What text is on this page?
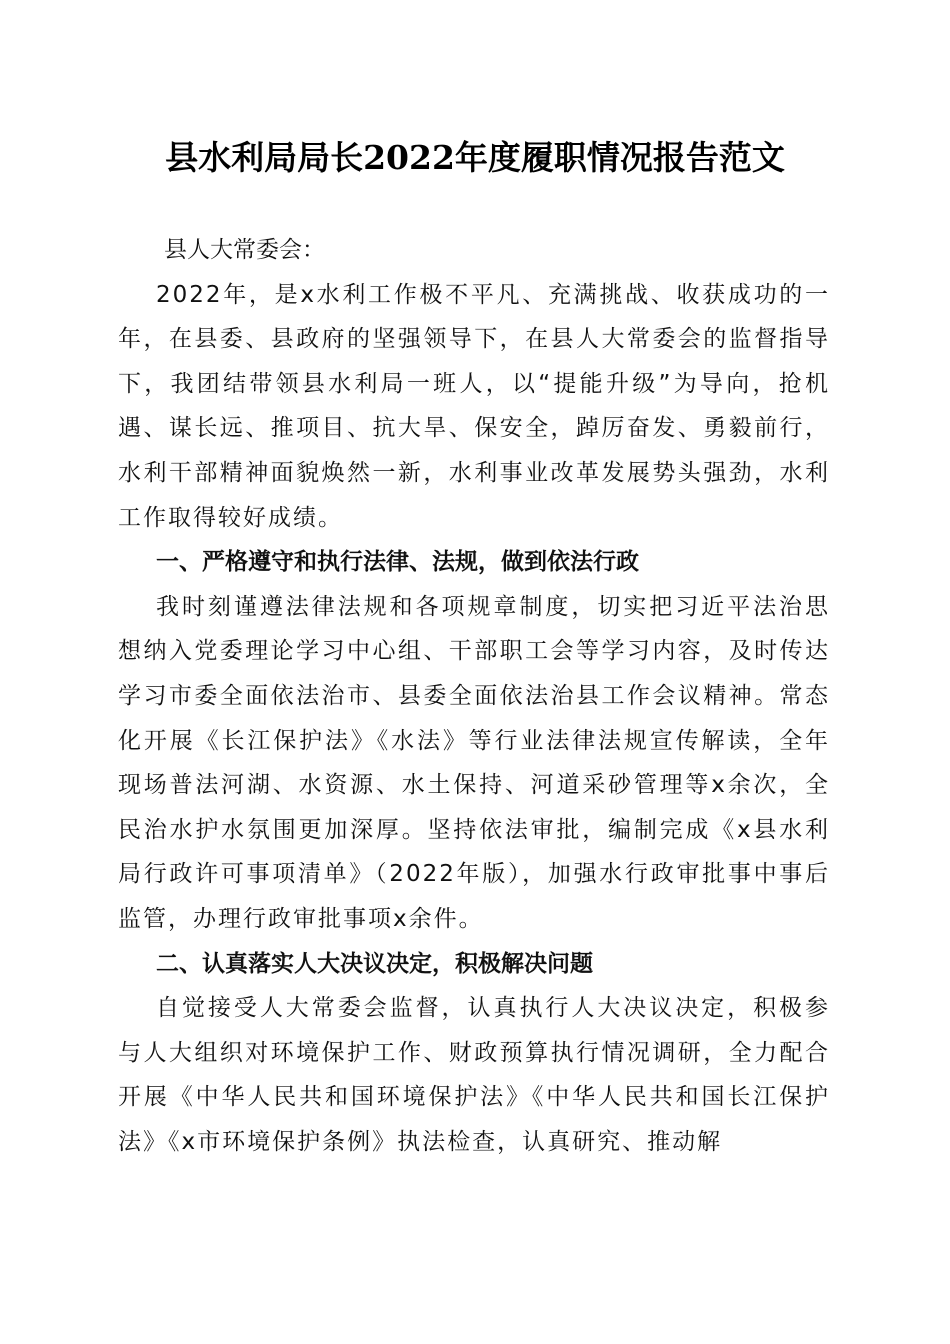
县水利局局长2022年度履职情况报告范文

县人大常委会：

2022年，是x水利工作极不平凡、充满挑战、收获成功的一年，在县委、县政府的坚强领导下，在县人大常委会的监督指导下，我团结带领县水利局一班人，以“提能升级”为导向，抢机遇、谋长远、推项目、抗大旱、保安全，踔厉奋发、勇毅前行，水利干部精神面貌焕然一新，水利事业改革发展势头强劲，水利工作取得较好成绩。

一、严格遵守和执行法律、法规，做到依法行政

我时刻谨遵法律法规和各项规章制度，切实把习近平法治思想纳入党委理论学习中心组、干部职工会等学习内容，及时传达学习市委全面依法治市、县委全面依法治县工作会议精神。常态化开展《长江保护法》《水法》等行业法律法规宣传解读，全年现场普法河湖、水资源、水土保持、河道采砂管理等x余次，全民治水护水氛围更加深厚。坚持依法审批，编制完成《x县水利局行政许可事项清单》（2022年版），加强水行政审批事中事后监管，办理行政审批事项x余件。

二、认真落实人大决议决定，积极解决问题

自觉接受人大常委会监督，认真执行人大决议决定，积极参与人大组织对环境保护工作、财政预算执行情况调研，全力配合开展《中华人民共和国环境保护法》《中华人民共和国长江保护法》《x市环境保护条例》执法检查，认真研究、推动解
